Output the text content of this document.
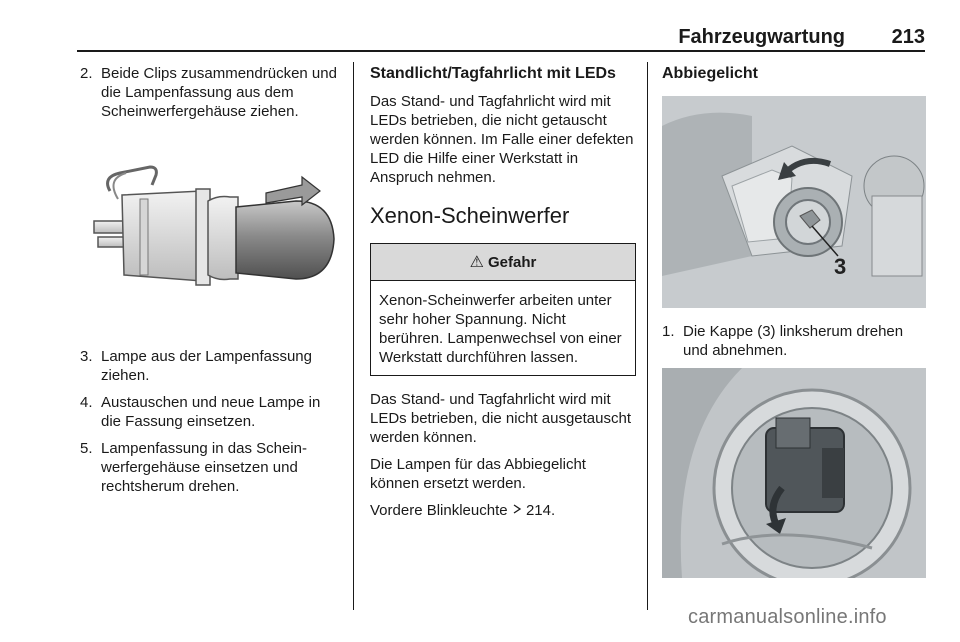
Fahrzeugwartung 213
2. Beide Clips zusammendrücken und die Lampenfassung aus dem Scheinwerfergehäuse ziehen.
3. Lampe aus der Lampenfassung ziehen.
4. Austauschen und neue Lampe in die Fassung einsetzen.
5. Lampenfassung in das Scheinwerfergehäuse einsetzen und rechtsherum drehen.
Standlicht/Tagfahrlicht mit LEDs

Das Stand- und Tagfahrlicht wird mit LEDs betrieben, die nicht getauscht werden können. Im Falle einer defekten LED die Hilfe einer Werkstatt in Anspruch nehmen.

Xenon-Scheinwerfer
⚠ Gefahr
Xenon-Scheinwerfer arbeiten unter sehr hoher Spannung. Nicht berühren. Lampenwechsel von einer Werkstatt durchführen lassen.

Das Stand- und Tagfahrlicht wird mit LEDs betrieben, die nicht ausgetauscht werden können.

Die Lampen für das Abbiegelicht können ersetzt werden.

Vordere Blinkleuchte 214.

Abbiegelicht
3
1. Die Kappe (3) linksherum drehen und abnehmen.
carmanualsonline.info
